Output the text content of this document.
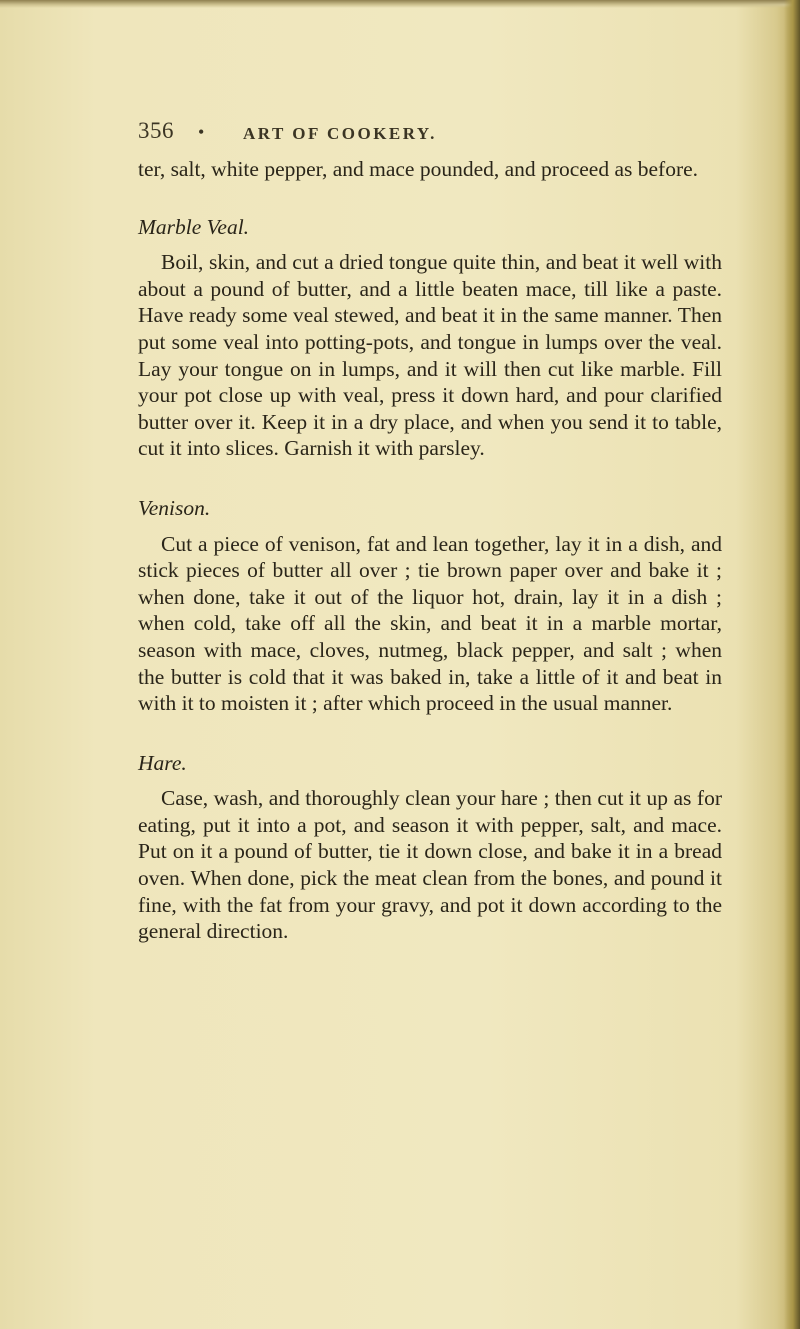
356 • ART OF COOKERY.

ter, salt, white pepper, and mace pounded, and proceed as before.

Marble Veal.

Boil, skin, and cut a dried tongue quite thin, and beat it well with about a pound of butter, and a little beaten mace, till like a paste. Have ready some veal stewed, and beat it in the same manner. Then put some veal into potting-pots, and tongue in lumps over the veal. Lay your tongue on in lumps, and it will then cut like marble. Fill your pot close up with veal, press it down hard, and pour clarified butter over it. Keep it in a dry place, and when you send it to table, cut it into slices. Garnish it with parsley.

Venison.

Cut a piece of venison, fat and lean together, lay it in a dish, and stick pieces of butter all over ; tie brown paper over and bake it ; when done, take it out of the liquor hot, drain, lay it in a dish ; when cold, take off all the skin, and beat it in a marble mortar, season with mace, cloves, nutmeg, black pepper, and salt ; when the butter is cold that it was baked in, take a little of it and beat in with it to moisten it ; after which proceed in the usual manner.

Hare.

Case, wash, and thoroughly clean your hare ; then cut it up as for eating, put it into a pot, and season it with pepper, salt, and mace. Put on it a pound of butter, tie it down close, and bake it in a bread oven. When done, pick the meat clean from the bones, and pound it fine, with the fat from your gravy, and pot it down according to the general direction.
